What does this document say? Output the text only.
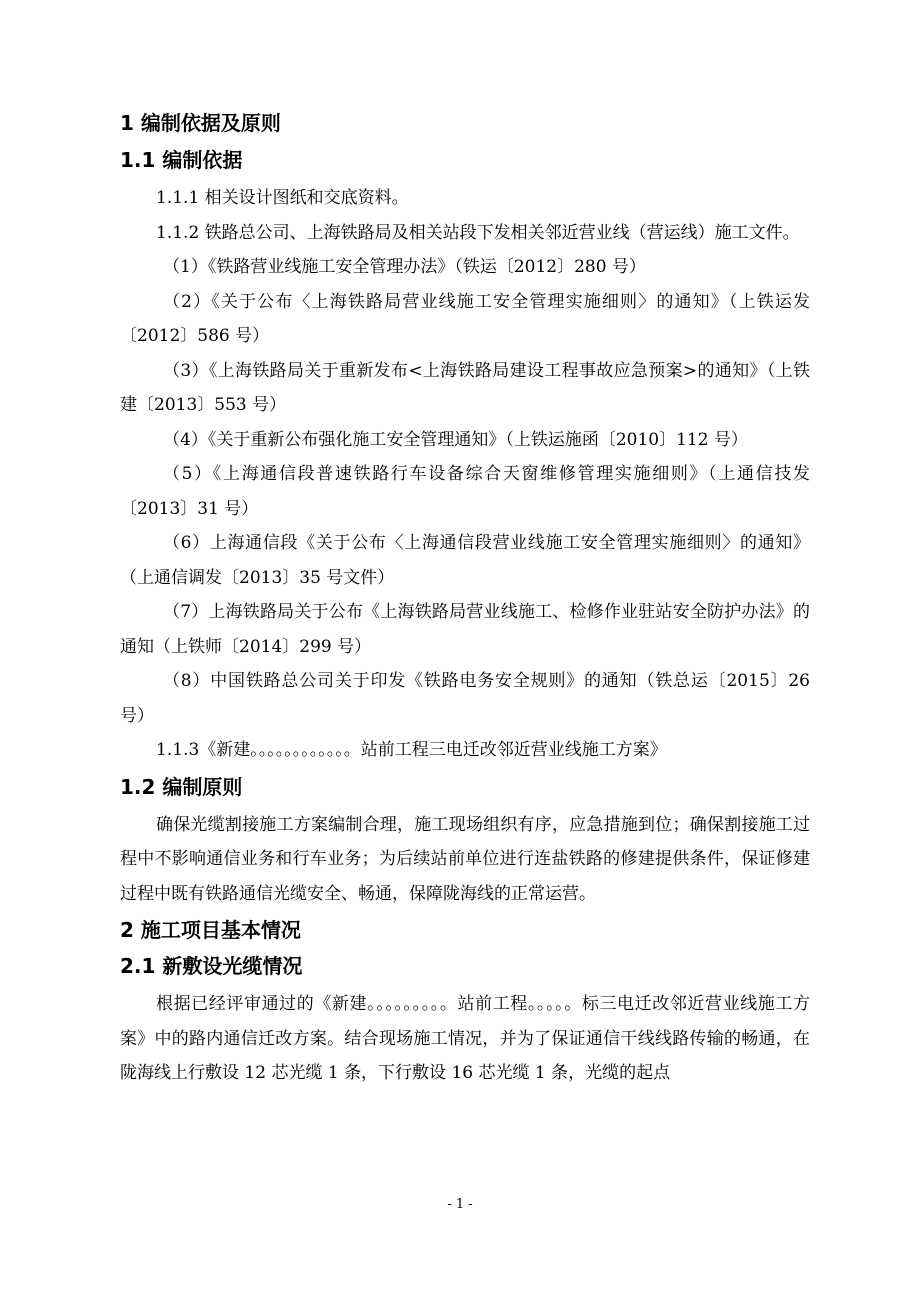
1 编制依据及原则
1.1 编制依据

1.1.1 相关设计图纸和交底资料。

1.1.2 铁路总公司、上海铁路局及相关站段下发相关邻近营业线（营运线）施工文件。

（1）《铁路营业线施工安全管理办法》（铁运〔2012〕280 号）

（2）《关于公布〈上海铁路局营业线施工安全管理实施细则〉的通知》（上铁运发〔2012〕586 号）

（3）《上海铁路局关于重新发布<上海铁路局建设工程事故应急预案>的通知》（上铁建〔2013〕553 号）

（4）《关于重新公布强化施工安全管理通知》（上铁运施函〔2010〕112 号）

（5）《上海通信段普速铁路行车设备综合天窗维修管理实施细则》（上通信技发〔2013〕31 号）

（6）上海通信段《关于公布〈上海通信段营业线施工安全管理实施细则〉的通知》（上通信调发〔2013〕35 号文件）

（7）上海铁路局关于公布《上海铁路局营业线施工、检修作业驻站安全防护办法》的通知（上铁师〔2014〕299 号）

（8）中国铁路总公司关于印发《铁路电务安全规则》的通知（铁总运〔2015〕26 号）

1.1.3《新建。。。。。。。。。。。。站前工程三电迁改邻近营业线施工方案》

1.2 编制原则

确保光缆割接施工方案编制合理，施工现场组织有序，应急措施到位；确保割接施工过程中不影响通信业务和行车业务；为后续站前单位进行连盐铁路的修建提供条件，保证修建过程中既有铁路通信光缆安全、畅通，保障陇海线的正常运营。

2 施工项目基本情况
2.1 新敷设光缆情况

根据已经评审通过的《新建。。。。。。。。。站前工程。。。。。标三电迁改邻近营业线施工方案》中的路内通信迁改方案。结合现场施工情况，并为了保证通信干线线路传输的畅通，在陇海线上行敷设 12 芯光缆 1 条，下行敷设 16 芯光缆 1 条，光缆的起点

- 1 -
